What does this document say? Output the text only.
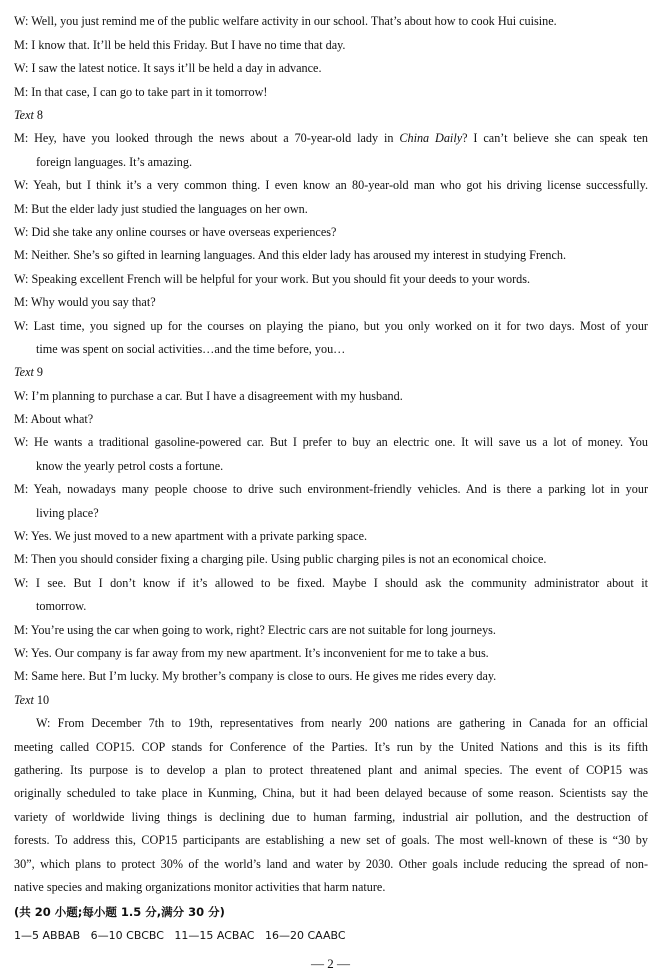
W: Well, you just remind me of the public welfare activity in our school. That’s about how to cook Hui cuisine.
M: I know that. It’ll be held this Friday. But I have no time that day.
W: I saw the latest notice. It says it’ll be held a day in advance.
M: In that case, I can go to take part in it tomorrow!
Text 8
M: Hey, have you looked through the news about a 70-year-old lady in China Daily? I can’t believe she can speak ten
foreign languages. It’s amazing.
W: Yeah, but I think it’s a very common thing. I even know an 80-year-old man who got his driving license successfully.
M: But the elder lady just studied the languages on her own.
W: Did she take any online courses or have overseas experiences?
M: Neither. She’s so gifted in learning languages. And this elder lady has aroused my interest in studying French.
W: Speaking excellent French will be helpful for your work. But you should fit your deeds to your words.
M: Why would you say that?
W: Last time, you signed up for the courses on playing the piano, but you only worked on it for two days. Most of your
time was spent on social activities…and the time before, you…
Text 9
W: I’m planning to purchase a car. But I have a disagreement with my husband.
M: About what?
W: He wants a traditional gasoline-powered car. But I prefer to buy an electric one. It will save us a lot of money. You
know the yearly petrol costs a fortune.
M: Yeah, nowadays many people choose to drive such environment-friendly vehicles. And is there a parking lot in your
living place?
W: Yes. We just moved to a new apartment with a private parking space.
M: Then you should consider fixing a charging pile. Using public charging piles is not an economical choice.
W: I see. But I don’t know if it’s allowed to be fixed. Maybe I should ask the community administrator about it
tomorrow.
M: You’re using the car when going to work, right? Electric cars are not suitable for long journeys.
W: Yes. Our company is far away from my new apartment. It’s inconvenient for me to take a bus.
M: Same here. But I’m lucky. My brother’s company is close to ours. He gives me rides every day.
Text 10
W: From December 7th to 19th, representatives from nearly 200 nations are gathering in Canada for an official
meeting called COP15. COP stands for Conference of the Parties. It’s run by the United Nations and this is its fifth
gathering. Its purpose is to develop a plan to protect threatened plant and animal species. The event of COP15 was
originally scheduled to take place in Kunming, China, but it had been delayed because of some reason. Scientists say the
variety of worldwide living things is declining due to human farming, industrial air pollution, and the destruction of
forests. To address this, COP15 participants are establishing a new set of goals. The most well-known of these is “30 by
30”, which plans to protect 30% of the world’s land and water by 2030. Other goals include reducing the spread of non-
native species and making organizations monitor activities that harm nature.
(共 20 小题;每小题 1.5 分,满分 30 分)
1—5 ABBAB   6—10 CBCBC   11—15 ACBAC   16—20 CAABC
— 2 —
